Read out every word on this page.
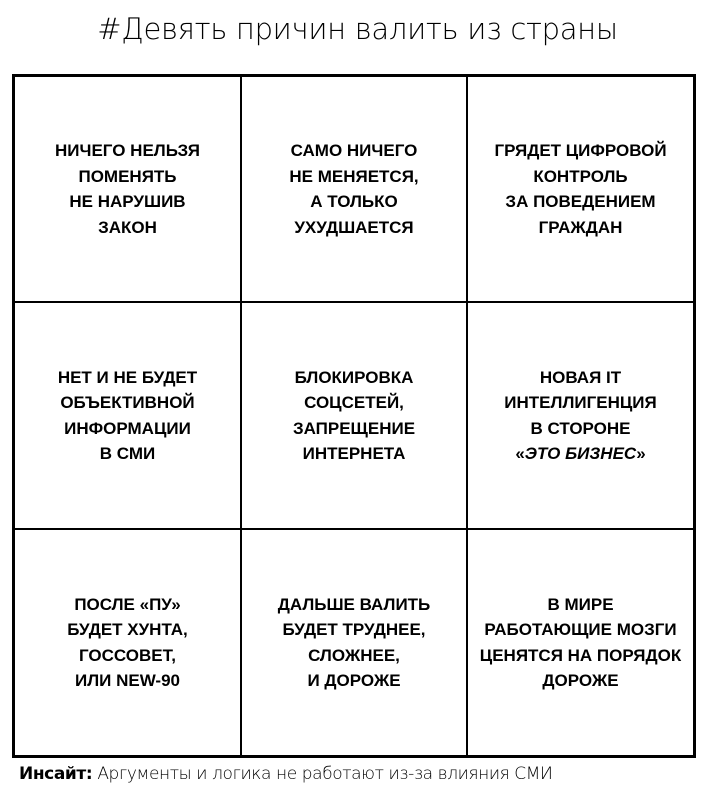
#Девять причин валить из страны
НИЧЕГО НЕЛЬЗЯ
ПОМЕНЯТЬ
НЕ НАРУШИВ
ЗАКОН
САМО НИЧЕГО
НЕ МЕНЯЕТСЯ,
А ТОЛЬКО
УХУДШАЕТСЯ
ГРЯДЕТ ЦИФРОВОЙ
КОНТРОЛЬ
ЗА ПОВЕДЕНИЕМ
ГРАЖДАН
НЕТ И НЕ БУДЕТ
ОБЪЕКТИВНОЙ
ИНФОРМАЦИИ
В СМИ
БЛОКИРОВКА
СОЦСЕТЕЙ,
ЗАПРЕЩЕНИЕ
ИНТЕРНЕТА
НОВАЯ IT
ИНТЕЛЛИГЕНЦИЯ
В СТОРОНЕ
«ЭТО БИЗНЕС»
ПОСЛЕ «ПУ»
БУДЕТ ХУНТА,
ГОССОВЕТ,
ИЛИ NEW-90
ДАЛЬШЕ ВАЛИТЬ
БУДЕТ ТРУДНЕЕ,
СЛОЖНЕЕ,
И ДОРОЖЕ
В МИРЕ
РАБОТАЮЩИЕ МОЗГИ
ЦЕНЯТСЯ НА ПОРЯДОК
ДОРОЖЕ
Инсайт: Аргументы и логика не работают из-за влияния СМИ
